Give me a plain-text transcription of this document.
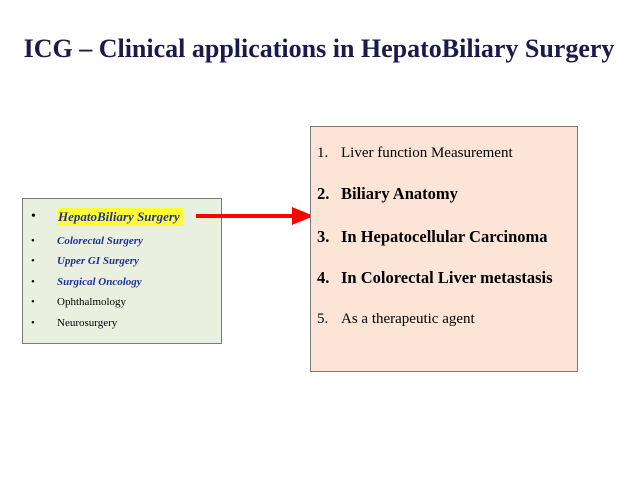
ICG – Clinical applications in HepatoBiliary Surgery
• HepatoBiliary Surgery
• Colorectal Surgery
• Upper GI Surgery
• Surgical Oncology
• Ophthalmology
• Neurosurgery
1. Liver function Measurement
2. Biliary Anatomy
3. In Hepatocellular Carcinoma
4. In Colorectal Liver metastasis
5. As a therapeutic agent
